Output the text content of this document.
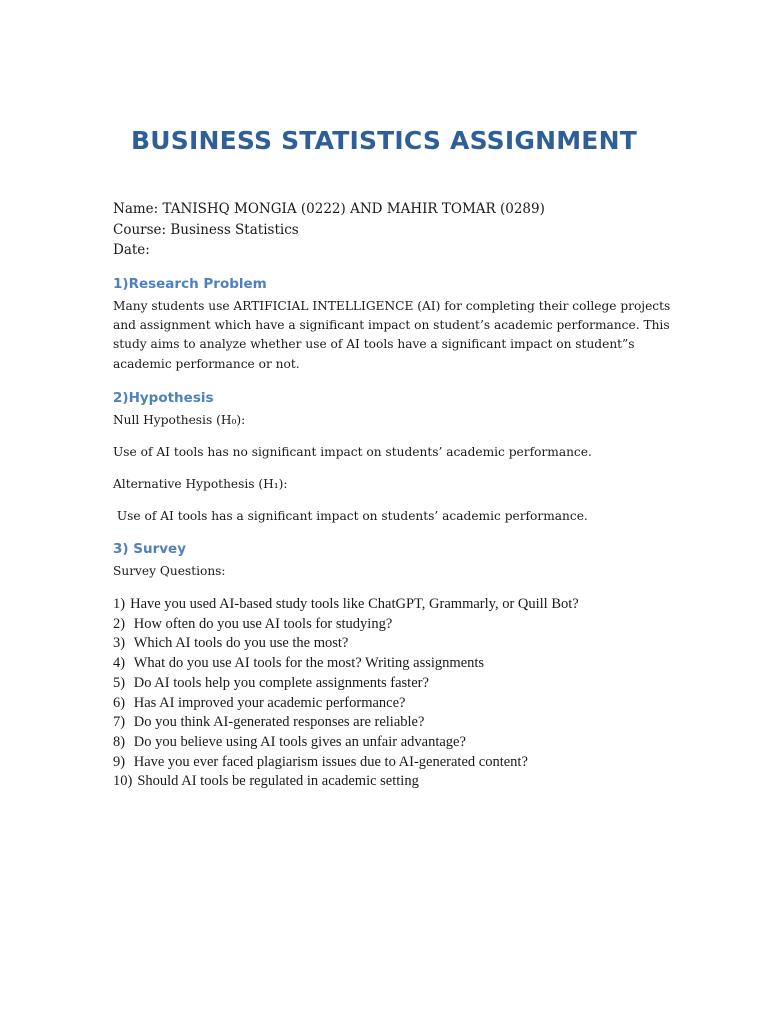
BUSINESS STATISTICS ASSIGNMENT
Name: TANISHQ MONGIA (0222) AND MAHIR TOMAR (0289)
Course: Business Statistics
Date:
1)Research Problem

Many students use ARTIFICIAL INTELLIGENCE (AI) for completing their college projects
and assignment which have a significant impact on student’s academic performance. This
study aims to analyze whether use of AI tools have a significant impact on student”s
academic performance or not.

2)Hypothesis

Null Hypothesis (H₀):

Use of AI tools has no significant impact on students’ academic performance.

Alternative Hypothesis (H₁):

Use of AI tools has a significant impact on students’ academic performance.

3) Survey

Survey Questions:

1) Have you used AI-based study tools like ChatGPT, Grammarly, or Quill Bot?
2) How often do you use AI tools for studying?
3) Which AI tools do you use the most?
4) What do you use AI tools for the most? Writing assignments
5) Do AI tools help you complete assignments faster?
6) Has AI improved your academic performance?
7) Do you think AI-generated responses are reliable?
8) Do you believe using AI tools gives an unfair advantage?
9) Have you ever faced plagiarism issues due to AI-generated content?
10) Should AI tools be regulated in academic setting
